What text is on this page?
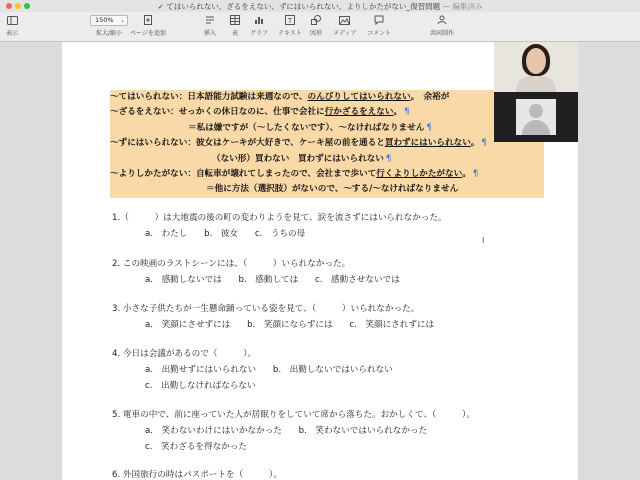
✓ てはいられない、ざるをえない、ずにはいられない、よりしかたがない_復習問題 — 編集済み
表示
150% ⌄
拡大/縮小 ページを追加	挿入	表 グラフ
T
テキスト 図形 メディア コメント	共同制作
〜てはいられない：日本語能力試験は来週なので、のんびりしてはいられない。　余裕が
〜ざるをえない：せっかくの休日なのに、仕事で会社に行かざるをえない。 ¶
＝私は嫌ですが（〜したくないです）、〜なければなりません ¶
〜ずにはいられない：彼女はケーキが大好きで、ケーキ屋の前を通ると買わずにはいられない。 ¶
（ない形）買わない　買わずにはいられない ¶
〜よりしかたがない：自転車が壊れてしまったので、会社まで歩いて行くよりしかたがない。 ¶
＝他に方法（選択肢）がないので、〜する/〜なければなりません
1.（　　　）は大地震の後の町の変わりようを見て、涙を流さずにはいられなかった。
a.　わたし b.　彼女 c.　うちの母
2. この映画のラストシーンには、（　　　）いられなかった。
a.　感動しないでは b.　感動しては c.　感動させないでは
3. 小さな子供たちが一生懸命踊っている姿を見て、（　　　）いられなかった。
a.　笑顔にさせずには b.　笑顔にならずには c.　笑顔にされずには
4. 今日は会議があるので（　　　）。
a.　出勤せずにはいられない b.　出勤しないではいられない
c.　出勤しなければならない
5. 電車の中で、前に座っていた人が居眠りをしていて席から落ちた。おかしくて、（　　　）。
a.　笑わないわけにはいかなかった b.　笑わないではいられなかった
c.　笑わざるを得なかった
6. 外国旅行の時はパスポートを（　　　）。
I
